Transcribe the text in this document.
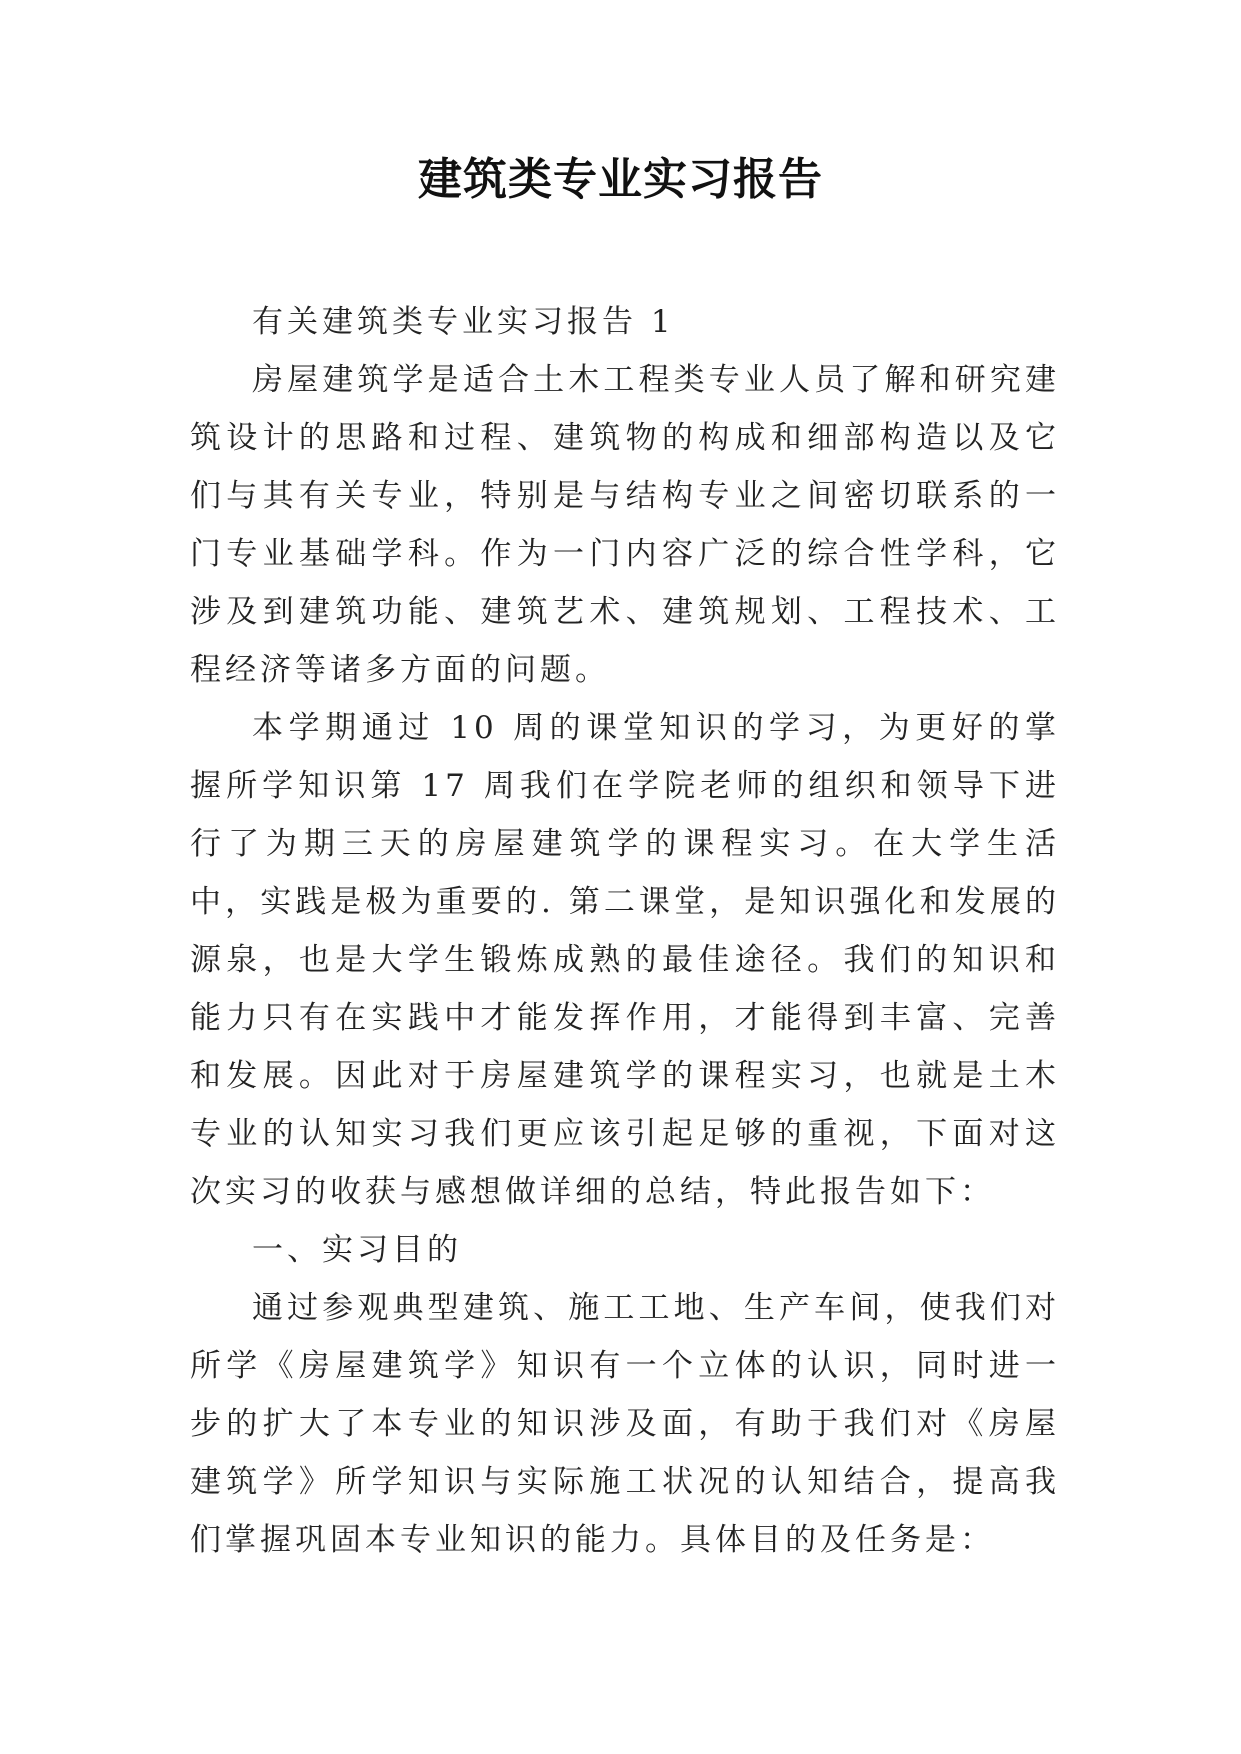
建筑类专业实习报告

有关建筑类专业实习报告 1

房屋建筑学是适合土木工程类专业人员了解和研究建筑设计的思路和过程、建筑物的构成和细部构造以及它们与其有关专业，特别是与结构专业之间密切联系的一门专业基础学科。作为一门内容广泛的综合性学科，它涉及到建筑功能、建筑艺术、建筑规划、工程技术、工程经济等诸多方面的问题。

本学期通过 10 周的课堂知识的学习，为更好的掌握所学知识第 17 周我们在学院老师的组织和领导下进行了为期三天的房屋建筑学的课程实习。在大学生活中，实践是极为重要的. 第二课堂，是知识强化和发展的源泉，也是大学生锻炼成熟的最佳途径。我们的知识和能力只有在实践中才能发挥作用，才能得到丰富、完善和发展。因此对于房屋建筑学的课程实习，也就是土木专业的认知实习我们更应该引起足够的重视，下面对这次实习的收获与感想做详细的总结，特此报告如下：

一、实习目的

通过参观典型建筑、施工工地、生产车间，使我们对所学《房屋建筑学》知识有一个立体的认识，同时进一步的扩大了本专业的知识涉及面，有助于我们对《房屋建筑学》所学知识与实际施工状况的认知结合，提高我们掌握巩固本专业知识的能力。具体目的及任务是：
